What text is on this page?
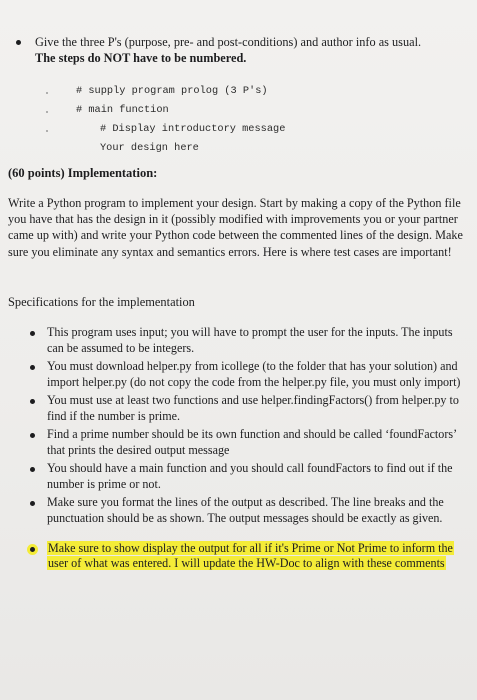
Give the three P's (purpose, pre- and post-conditions) and author info as usual.
The steps do NOT have to be numbered.
# supply program prolog (3 P's)
# main function
# Display introductory message
Your design here
(60 points) Implementation:
Write a Python program to implement your design. Start by making a copy of the Python file you have that has the design in it (possibly modified with improvements you or your partner came up with) and write your Python code between the commented lines of the design. Make sure you eliminate any syntax and semantics errors. Here is where test cases are important!
Specifications for the implementation
This program uses input; you will have to prompt the user for the inputs. The inputs can be assumed to be integers.
You must download helper.py from icollege (to the folder that has your solution) and import helper.py (do not copy the code from the helper.py file, you must only import)
You must use at least two functions and use helper.findingFactors() from helper.py to find if the number is prime.
Find a prime number should be its own function and should be called ‘foundFactors’ that prints the desired output message
You should have a main function and you should call foundFactors to find out if the number is prime or not.
Make sure you format the lines of the output as described. The line breaks and the punctuation should be as shown. The output messages should be exactly as given.
Make sure to show display the output for all if it's Prime or Not Prime to inform the user of what was entered. I will update the HW-Doc to align with these comments
